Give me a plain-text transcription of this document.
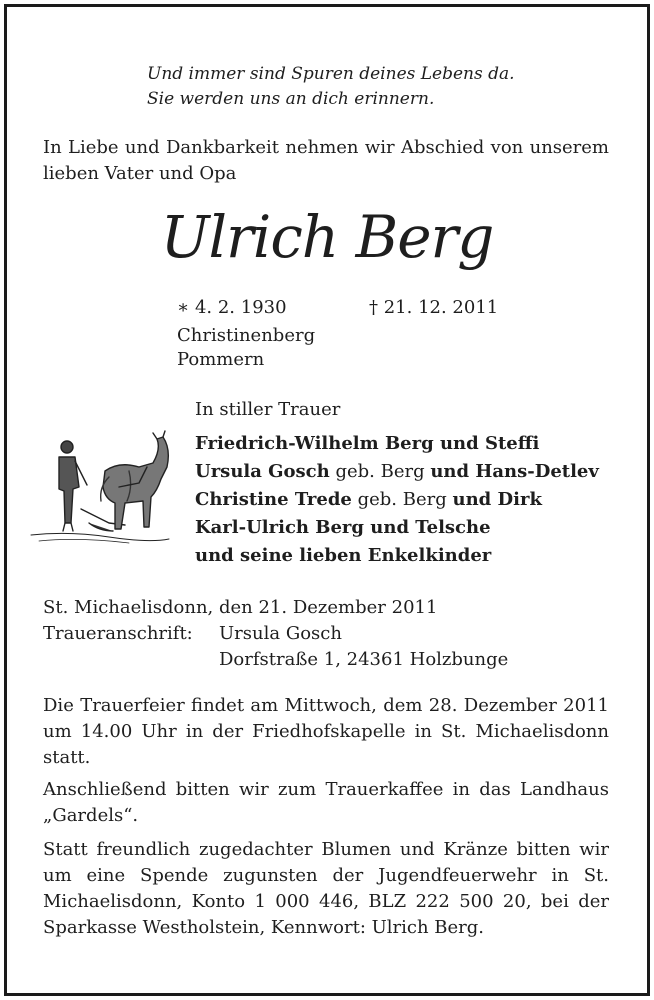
Und immer sind Spuren deines Lebens da.
Sie werden uns an dich erinnern.
In Liebe und Dankbarkeit nehmen wir Abschied von unserem lieben Vater und Opa
Ulrich Berg
∗ 4. 2. 1930
Christinenberg
Pommern
† 21. 12. 2011
In stiller Trauer
Friedrich-Wilhelm Berg und Steffi
Ursula Gosch geb. Berg und Hans-Detlev
Christine Trede geb. Berg und Dirk
Karl-Ulrich Berg und Telsche
und seine lieben Enkelkinder
St. Michaelisdonn, den 21. Dezember 2011
Traueranschrift: Ursula Gosch
Dorfstraße 1, 24361 Holzbunge
Die Trauerfeier findet am Mittwoch, dem 28. Dezember 2011 um 14.00 Uhr in der Friedhofskapelle in St. Michaelisdonn statt.
Anschließend bitten wir zum Trauerkaffee in das Landhaus „Gardels“.
Statt freundlich zugedachter Blumen und Kränze bitten wir um eine Spende zugunsten der Jugendfeuerwehr in St. Michaelisdonn, Konto 1 000 446, BLZ 222 500 20, bei der Sparkasse Westholstein, Kennwort: Ulrich Berg.
